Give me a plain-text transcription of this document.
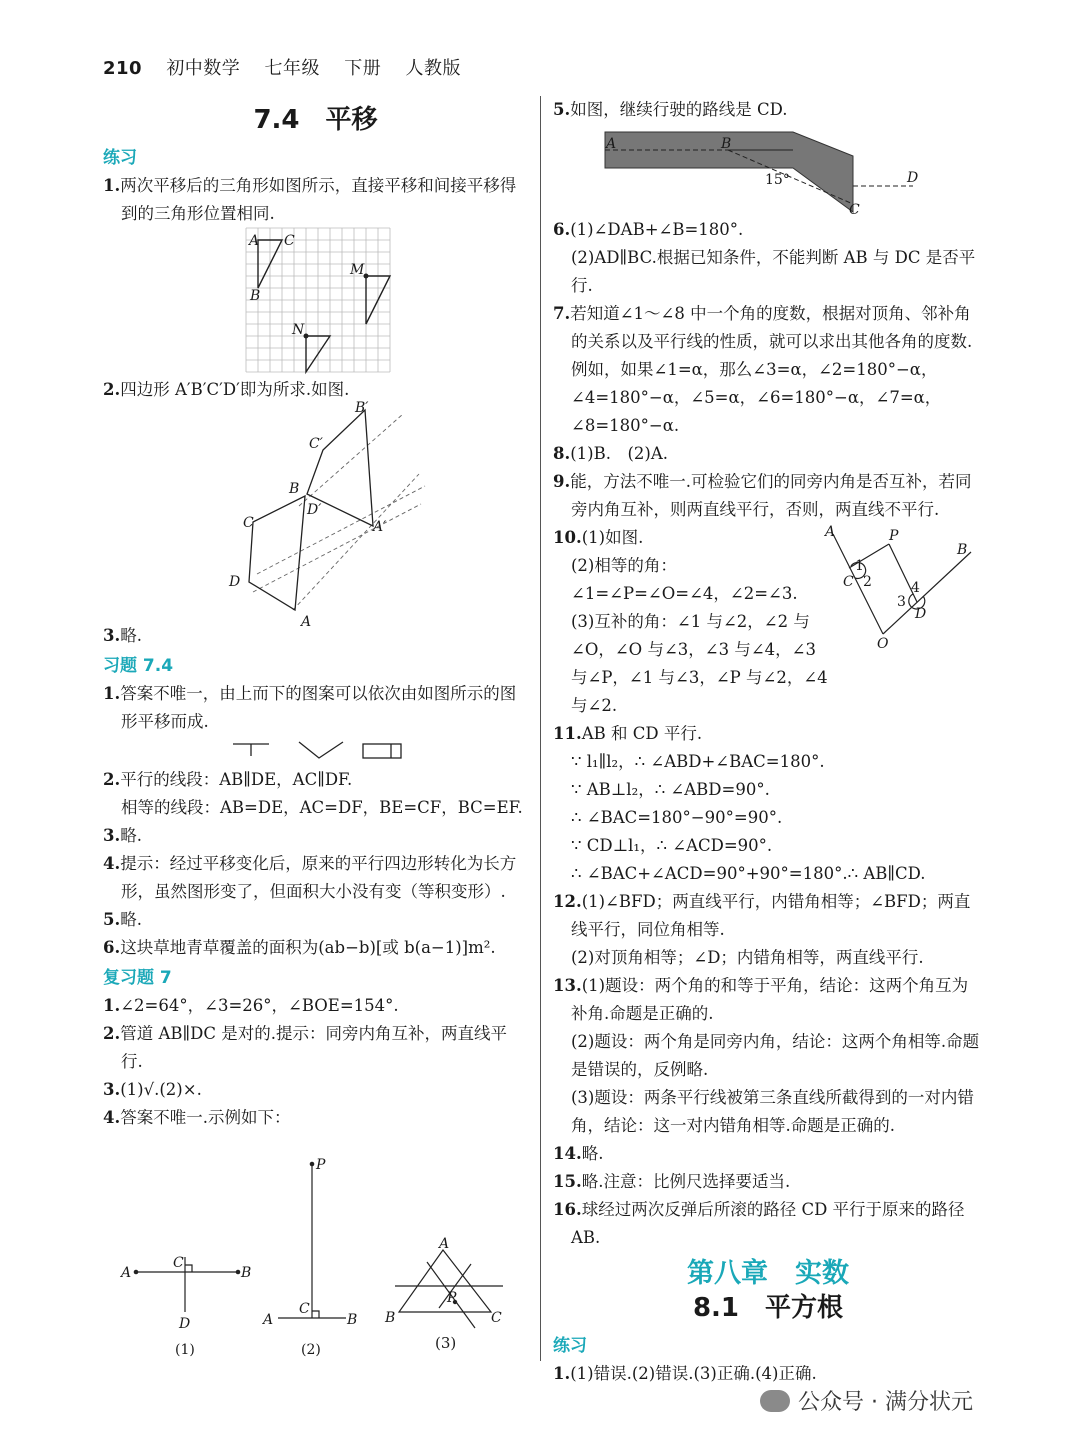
210 初中数学 七年级 下册 人教版
7.4　平移
练习

1.两次平移后的三角形如图所示，直接平移和间接平移得到的三角形位置相同.

A C
B
M
N

2.四边形 A′B′C′D′即为所求.如图.

B
A
C
D
B′
A′
C′
D′

3.略.

习题 7.4

1.答案不唯一，由上而下的图案可以依次由如图所示的图形平移而成.

2.平行的线段：AB∥DE，AC∥DF.

相等的线段：AB=DE，AC=DF，BE=CF，BC=EF.

3.略.

4.提示：经过平移变化后，原来的平行四边形转化为长方形，虽然图形变了，但面积大小没有变（等积变形）.

5.略.

6.这块草地青草覆盖的面积为(ab−b)[或 b(a−1)]m².

复习题 7

1.∠2=64°，∠3=26°，∠BOE=154°.

2.管道 AB∥DC 是对的.提示：同旁内角互补，两直线平行.

3.(1)√.(2)×.

4.答案不唯一.示例如下：

A	B
C
D
(1)
P
A	B
C
A
B	C
P
(2)	(3)

5.如图，继续行驶的路线是 CD.

A	B
C
D
15°

6.(1)∠DAB+∠B=180°.

(2)AD∥BC.根据已知条件，不能判断 AB 与 DC 是否平行.

7.若知道∠1～∠8 中一个角的度数，根据对顶角、邻补角的关系以及平行线的性质，就可以求出其他各角的度数.例如，如果∠1=α，那么∠3=α，∠2=180°−α，∠4=180°−α，∠5=α，∠6=180°−α，∠7=α，∠8=180°−α.

8.(1)B.　(2)A.

9.能，方法不唯一.可检验它们的同旁内角是否互补，若同旁内角互补，则两直线平行，否则，两直线不平行.

10.(1)如图.

(2)相等的角：∠1=∠P=∠O=∠4，∠2=∠3.

(3)互补的角：∠1 与∠2，∠2 与∠O，∠O 与∠3，∠3 与∠4，∠3 与∠P，∠1 与∠3，∠P 与∠2，∠4 与∠2.

A
B
C
D
O
P
1
2
3
4

11.AB 和 CD 平行.

∵ l₁∥l₂，∴ ∠ABD+∠BAC=180°.

∵ AB⊥l₂，∴ ∠ABD=90°.

∴ ∠BAC=180°−90°=90°.

∵ CD⊥l₁，∴ ∠ACD=90°.

∴ ∠BAC+∠ACD=90°+90°=180°.∴ AB∥CD.

12.(1)∠BFD；两直线平行，内错角相等；∠BFD；两直线平行，同位角相等.

(2)对顶角相等；∠D；内错角相等，两直线平行.

13.(1)题设：两个角的和等于平角，结论：这两个角互为补角.命题是正确的.

(2)题设：两个角是同旁内角，结论：这两个角相等.命题是错误的，反例略.

(3)题设：两条平行线被第三条直线所截得到的一对内错角，结论：这一对内错角相等.命题是正确的.

14.略.

15.略.注意：比例尺选择要适当.

16.球经过两次反弹后所滚的路径 CD 平行于原来的路径 AB.

第八章　实数
8.1　平方根
练习

1.(1)错误.(2)错误.(3)正确.(4)正确.

公众号 · 满分状元
